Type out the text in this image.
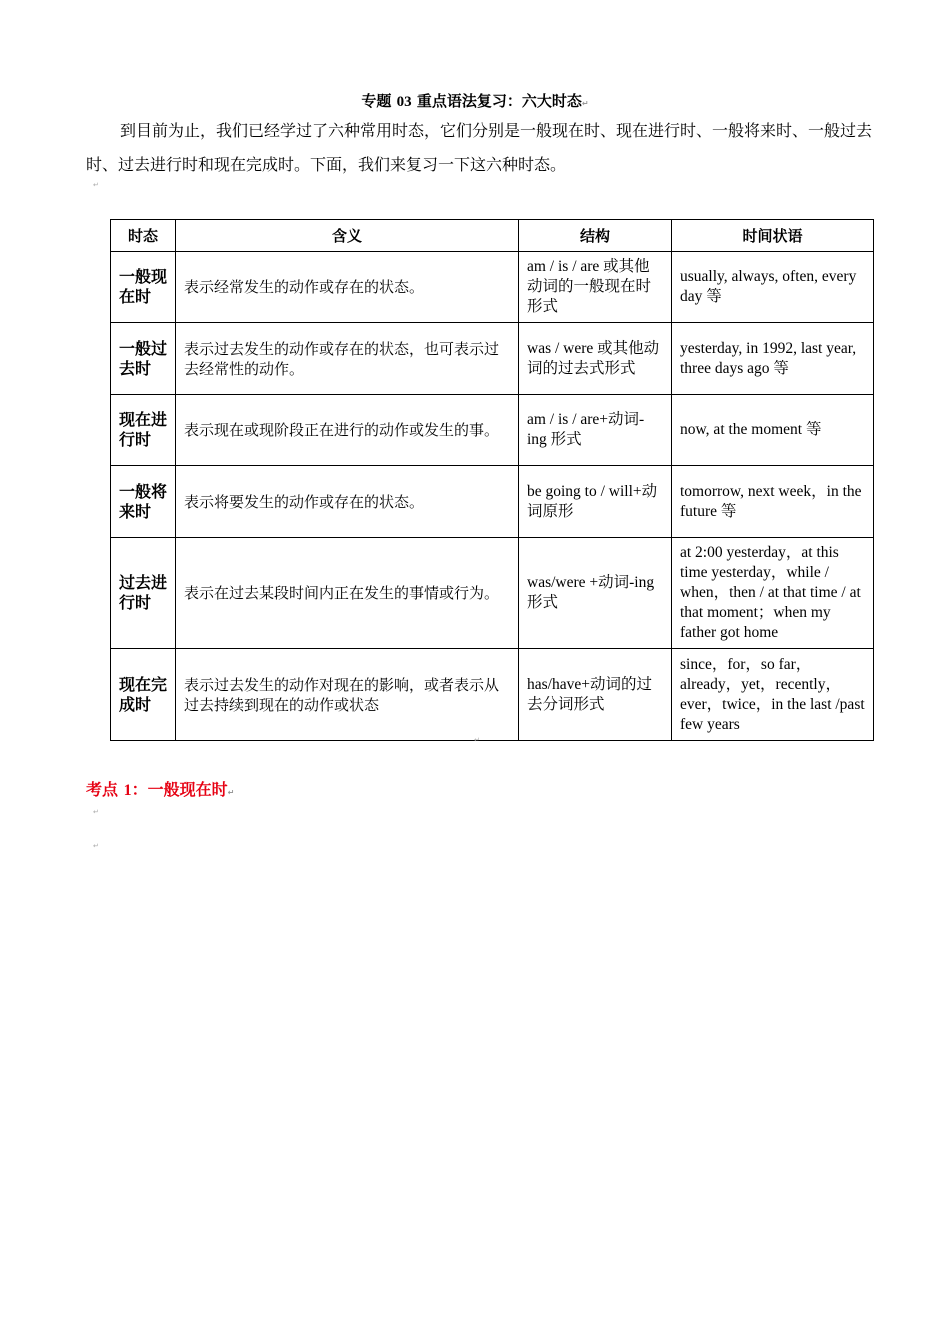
专题 03 重点语法复习：六大时态↵
到目前为止，我们已经学过了六种常用时态，它们分别是一般现在时、现在进行时、一般将来时、一般过去时、过去进行时和现在完成时。下面，我们来复习一下这六种时态。
↵
时态	含义	结构	时间状语
一般现在时	表示经常发生的动作或存在的状态。	am / is / are 或其他动词的一般现在时形式	usually, always, often, every day 等
一般过去时	表示过去发生的动作或存在的状态，也可表示过去经常性的动作。	was / were 或其他动词的过去式形式	yesterday, in 1992, last year, three days ago 等
现在进行时	表示现在或现阶段正在进行的动作或发生的事。	am / is / are+动词-ing 形式	now, at the moment 等
一般将来时	表示将要发生的动作或存在的状态。	be going to / will+动词原形	tomorrow, next week，in the future 等
过去进行时	表示在过去某段时间内正在发生的事情或行为。	was/were +动词-ing 形式	at 2:00 yesterday，at this time yesterday，while / when，then / at that time / at that moment；when my father got home
现在完成时	表示过去发生的动作对现在的影响，或者表示从过去持续到现在的动作或状态	has/have+动词的过去分词形式	since，for，so far，already，yet，recently，ever，twice，in the last /past few years
↵
考点 1：一般现在时↵
↵
↵
